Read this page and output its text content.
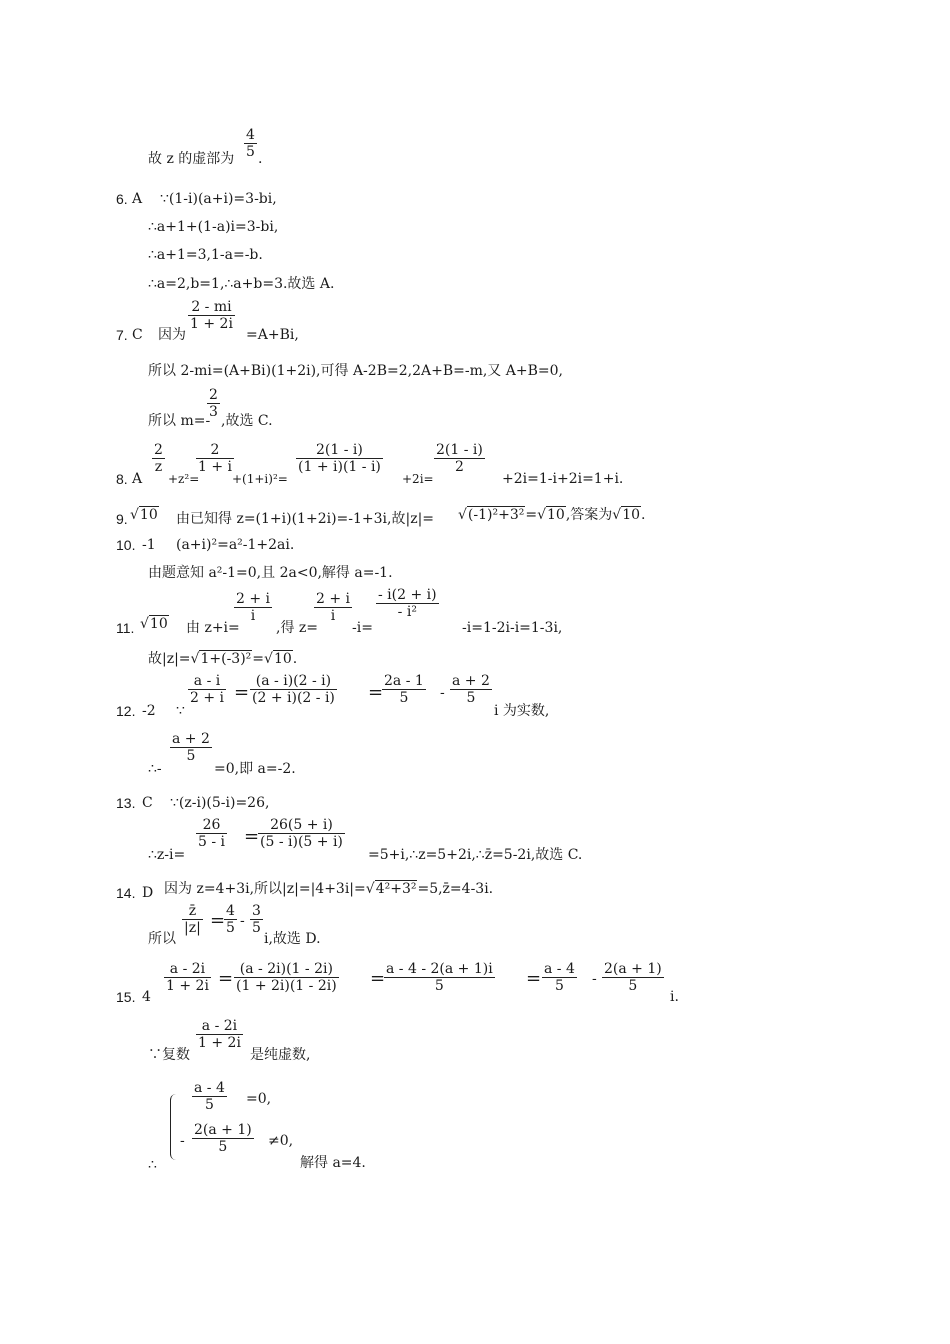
故 z 的虚部为
4
5 .
6. A ∵(1-i)(a+i)=3-bi,
∴a+1+(1-a)i=3-bi,
∴a+1=3,1-a=-b.
∴a=2,b=1,∴a+b=3.故选 A.
7. C 因为
2 - mi
1 + 2i
=A+Bi,
所以 2-mi=(A+Bi)(1+2i),可得 A-2B=2,2A+B=-m,又 A+B=0,
所以 m=-
2
3
,故选 C.
8. A
2
z
+z²=
2
1 + i
+(1+i)²=
2(1 - i)
(1 + i)(1 - i)
+2i=
2(1 - i)
2
+2i=1-i+2i=1+i.
9. √10 由已知得 z=(1+i)(1+2i)=-1+3i,故|z|= √(-1)²+3²=√10,答案为√10.
10. -1 (a+i)²=a²-1+2ai.
由题意知 a²-1=0,且 2a<0,解得 a=-1.
11. √10 由 z+i=
2 + i
i
,得 z=
2 + i
i
-i=
- i(2 + i)
- i²
-i=1-2i-i=1-3i,
故|z|=√1+(-3)²=√10.
12. -2 ∵
a - i
2 + i =
(a - i)(2 - i)
(2 + i)(2 - i) =
2a - 1
5	-
a + 2
5
i 为实数,
∴-
a + 2
5
=0,即 a=-2.
13. C ∵(z-i)(5-i)=26,
∴z-i=
26
5 - i =
26(5 + i)
(5 - i)(5 + i)
=5+i,∴z=5+2i,∴z̄=5-2i,故选 C.
14. D 因为 z=4+3i,所以|z|=|4+3i|=√4²+3²=5,z̄=4-3i.
所以
z̄
|z| = 4
5 -
3
5
i,故选 D.
15. 4
a - 2i
1 + 2i = (a - 2i)(1 - 2i)
(1 + 2i)(1 - 2i) = a - 4 - 2(a + 1)i
5	= a - 4
5	-
2(a + 1)
5
i.
∵复数
a - 2i
1 + 2i
是纯虚数,
a - 4
5	=0,
-
2(a + 1)
5	≠0,
∴	解得 a=4.
